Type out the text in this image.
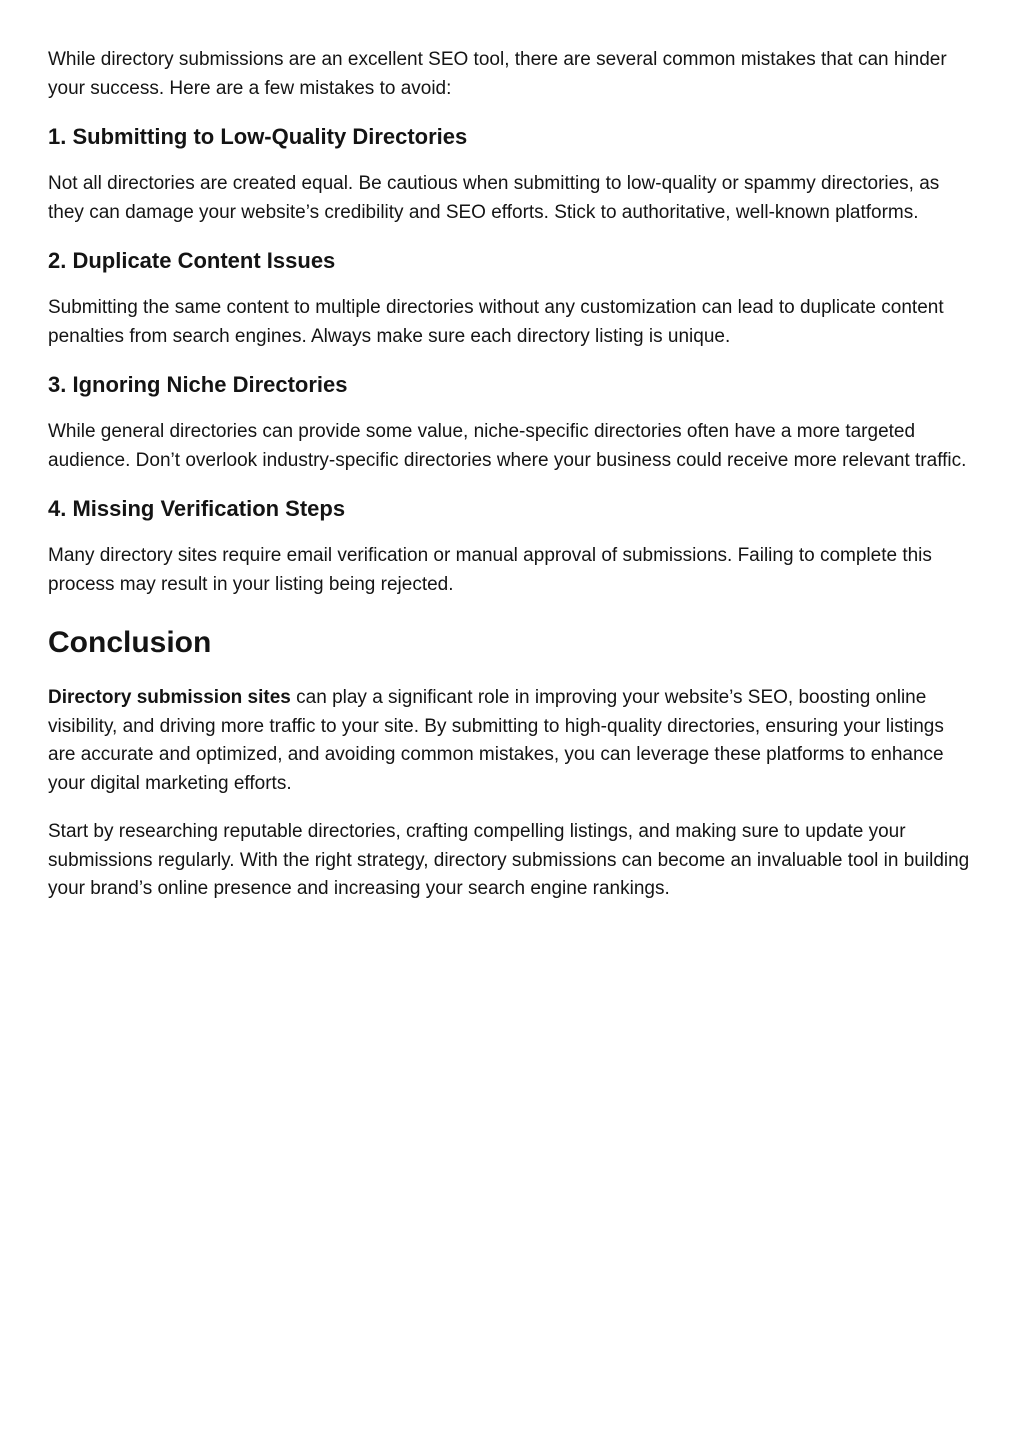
While directory submissions are an excellent SEO tool, there are several common mistakes that can hinder your success. Here are a few mistakes to avoid:

1. Submitting to Low-Quality Directories

Not all directories are created equal. Be cautious when submitting to low-quality or spammy directories, as they can damage your website’s credibility and SEO efforts. Stick to authoritative, well-known platforms.

2. Duplicate Content Issues

Submitting the same content to multiple directories without any customization can lead to duplicate content penalties from search engines. Always make sure each directory listing is unique.

3. Ignoring Niche Directories

While general directories can provide some value, niche-specific directories often have a more targeted audience. Don’t overlook industry-specific directories where your business could receive more relevant traffic.

4. Missing Verification Steps

Many directory sites require email verification or manual approval of submissions. Failing to complete this process may result in your listing being rejected.

Conclusion

Directory submission sites can play a significant role in improving your website’s SEO, boosting online visibility, and driving more traffic to your site. By submitting to high-quality directories, ensuring your listings are accurate and optimized, and avoiding common mistakes, you can leverage these platforms to enhance your digital marketing efforts.

Start by researching reputable directories, crafting compelling listings, and making sure to update your submissions regularly. With the right strategy, directory submissions can become an invaluable tool in building your brand’s online presence and increasing your search engine rankings.
